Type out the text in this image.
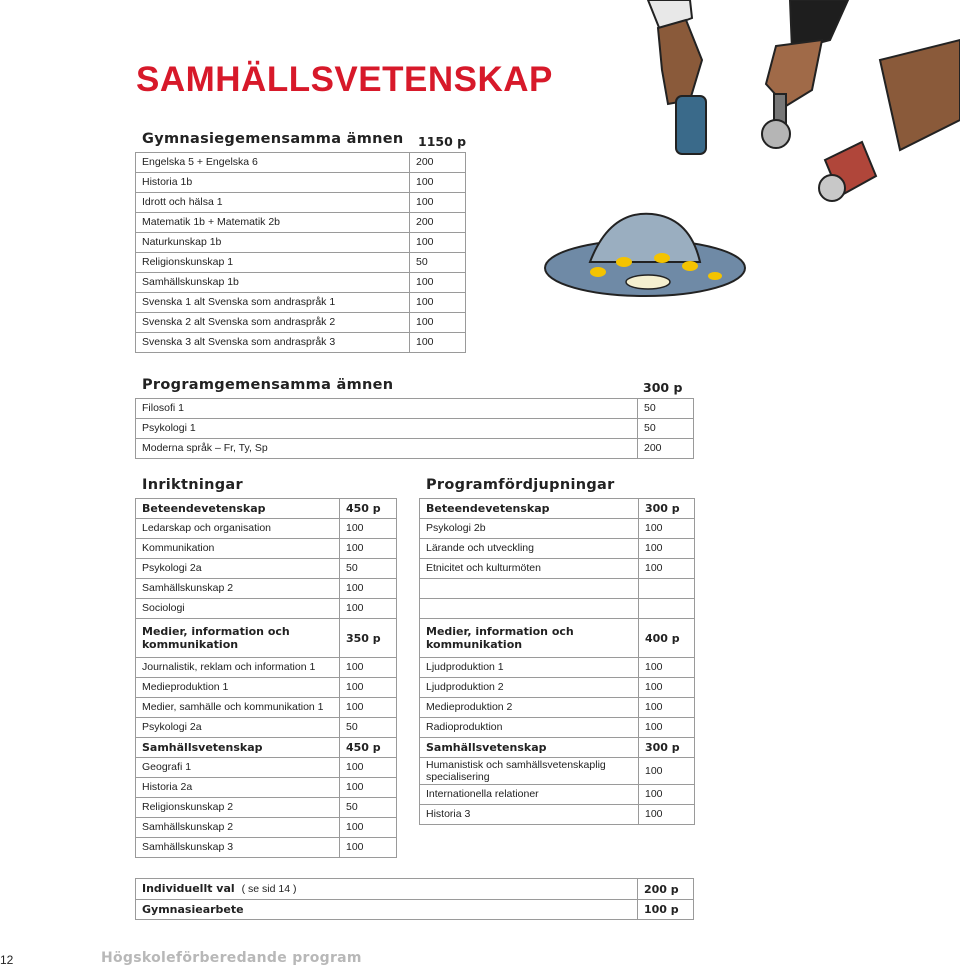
SAMHÄLLSVETENSKAP
Gymnasiegemensamma ämnen 1150 p
Engelska 5 + Engelska 6	200
Historia 1b	100
Idrott och hälsa 1	100
Matematik 1b + Matematik 2b	200
Naturkunskap 1b	100
Religionskunskap 1	50
Samhällskunskap 1b	100
Svenska 1 alt Svenska som andraspråk 1	100
Svenska 2 alt Svenska som andraspråk 2	100
Svenska 3 alt Svenska som andraspråk 3	100
Programgemensamma ämnen	300 p
Filosofi 1	50
Psykologi 1	50
Moderna språk – Fr, Ty, Sp	200
Inriktningar
Beteendevetenskap	450 p
Ledarskap och organisation	100
Kommunikation	100
Psykologi 2a	50
Samhällskunskap 2	100
Sociologi	100
Medier, information och kommunikation	350 p
Journalistik, reklam och information 1	100
Medieproduktion 1	100
Medier, samhälle och kommunikation 1	100
Psykologi 2a	50
Samhällsvetenskap	450 p
Geografi 1	100
Historia 2a	100
Religionskunskap 2	50
Samhällskunskap 2	100
Samhällskunskap 3	100
Programfördjupningar
Beteendevetenskap	300 p
Psykologi 2b	100
Lärande och utveckling	100
Etnicitet och kulturmöten	100

Medier, information och kommunikation	400 p
Ljudproduktion 1	100
Ljudproduktion 2	100
Medieproduktion 2	100
Radioproduktion	100
Samhällsvetenskap	300 p
Humanistisk och samhällsvetenskaplig specialisering	100
Internationella relationer	100
Historia 3	100
Individuellt val ( se sid 14 )	200 p
Gymnasiearbete	100 p
12	Högskoleförberedande program
